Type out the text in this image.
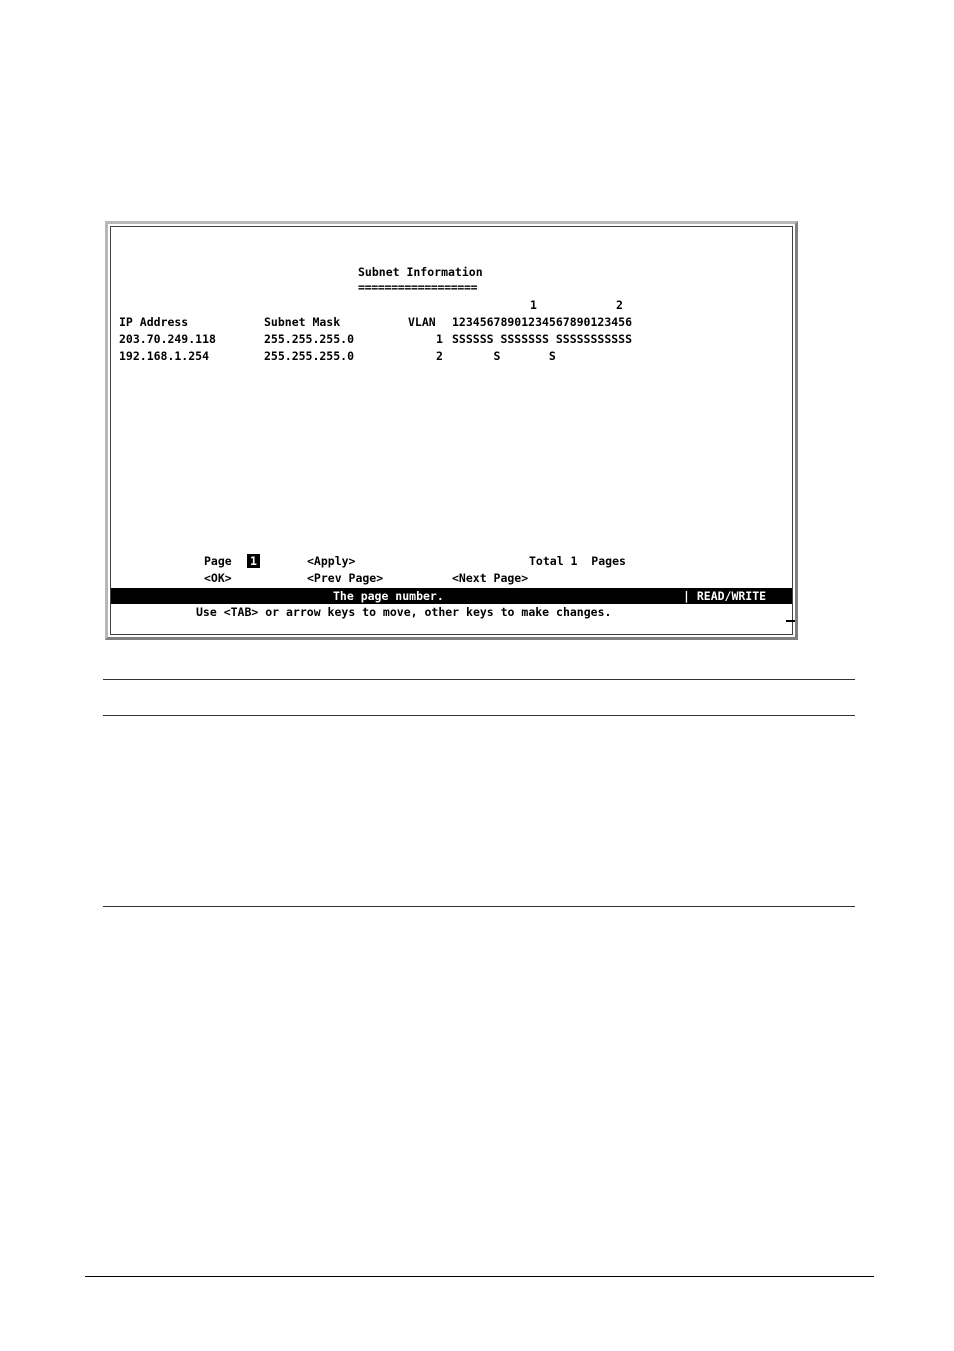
Subnet Information
==================
1	2
IP Address	Subnet Mask	VLAN 12345678901234567890123456
203.70.249.118	255.255.255.0	1 SSSSSS SSSSSSS SSSSSSSSSSS
192.168.1.254	255.255.255.0	2 S       S
Page 1	<Apply>	Total 1  Pages
<OK>	<Prev Page>	<Next Page>
The page number.	| READ/WRITE
Use <TAB> or arrow keys to move, other keys to make changes.
